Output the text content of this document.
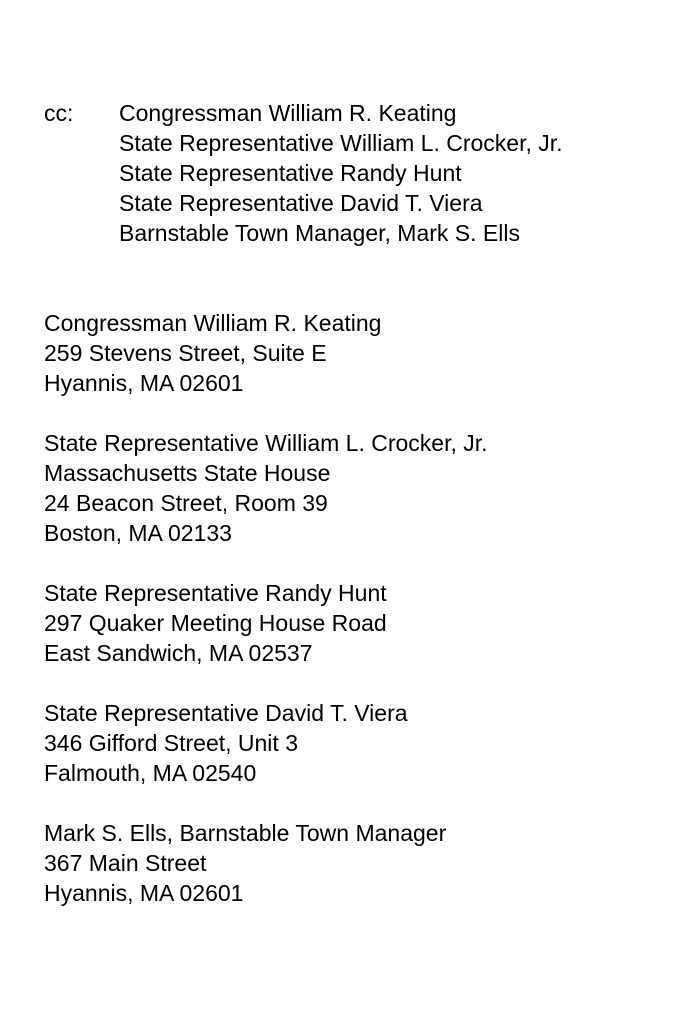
cc:	Congressman William R. Keating
State Representative William L. Crocker, Jr.
State Representative Randy Hunt
State Representative David T. Viera
Barnstable Town Manager, Mark S. Ells
Congressman William R. Keating
259 Stevens Street, Suite E
Hyannis, MA 02601
State Representative William L. Crocker, Jr.
Massachusetts State House
24 Beacon Street, Room 39
Boston, MA 02133
State Representative Randy Hunt
297 Quaker Meeting House Road
East Sandwich, MA 02537
State Representative David T. Viera
346 Gifford Street, Unit 3
Falmouth, MA 02540
Mark S. Ells, Barnstable Town Manager
367 Main Street
Hyannis, MA 02601
